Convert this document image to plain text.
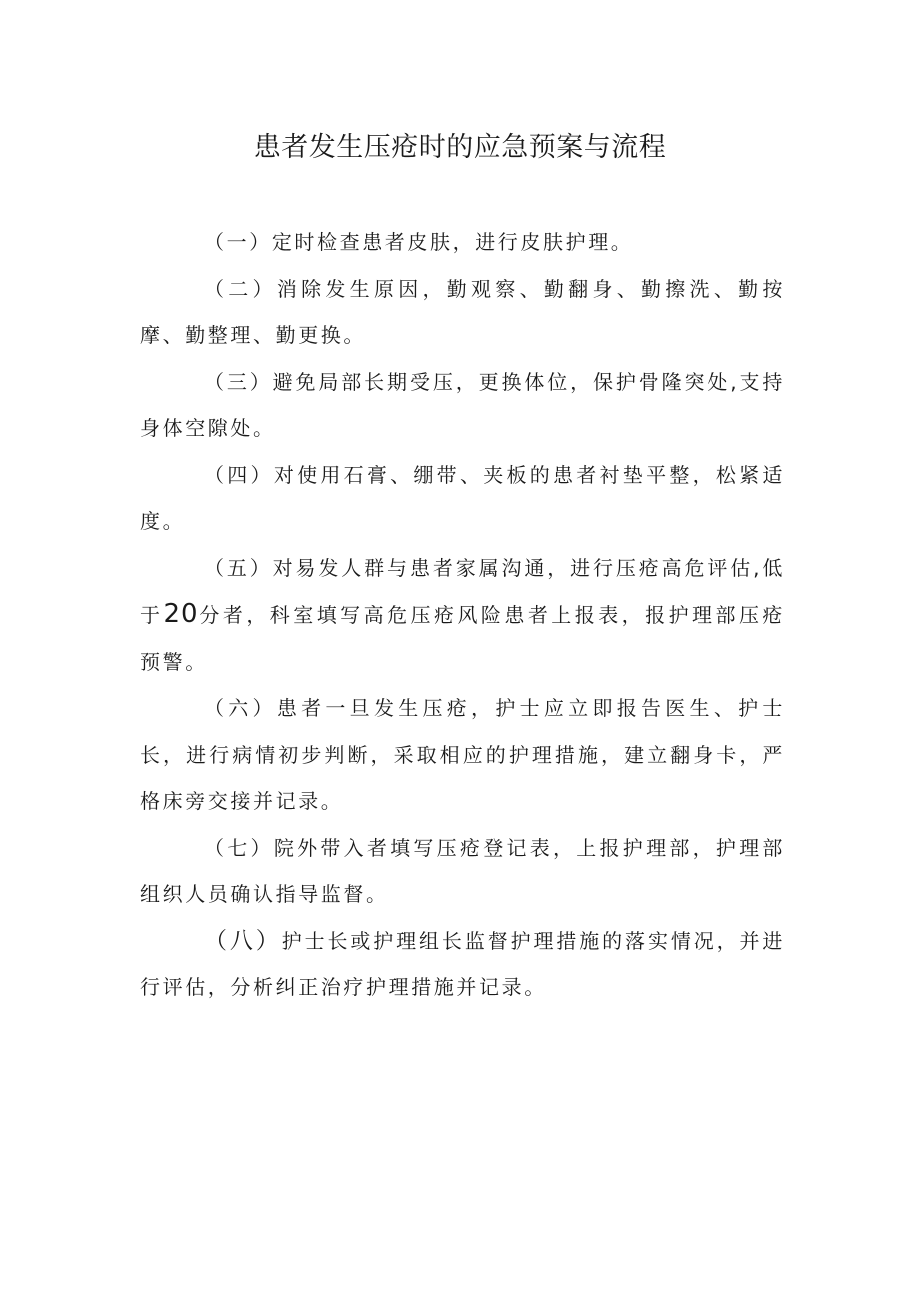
患者发生压疮时的应急预案与流程

（一）定时检查患者皮肤，进行皮肤护理。

（二）消除发生原因，勤观察、勤翻身、勤擦洗、勤按摩、勤整理、勤更换。

（三）避免局部长期受压，更换体位，保护骨隆突处,支持身体空隙处。

（四）对使用石膏、绷带、夹板的患者衬垫平整，松紧适度。

（五）对易发人群与患者家属沟通，进行压疮高危评估,低于20分者，科室填写高危压疮风险患者上报表，报护理部压疮预警。

（六）患者一旦发生压疮，护士应立即报告医生、护士长，进行病情初步判断，采取相应的护理措施，建立翻身卡，严格床旁交接并记录。

（七）院外带入者填写压疮登记表，上报护理部，护理部组织人员确认指导监督。

（八）护士长或护理组长监督护理措施的落实情况，并进行评估，分析纠正治疗护理措施并记录。
